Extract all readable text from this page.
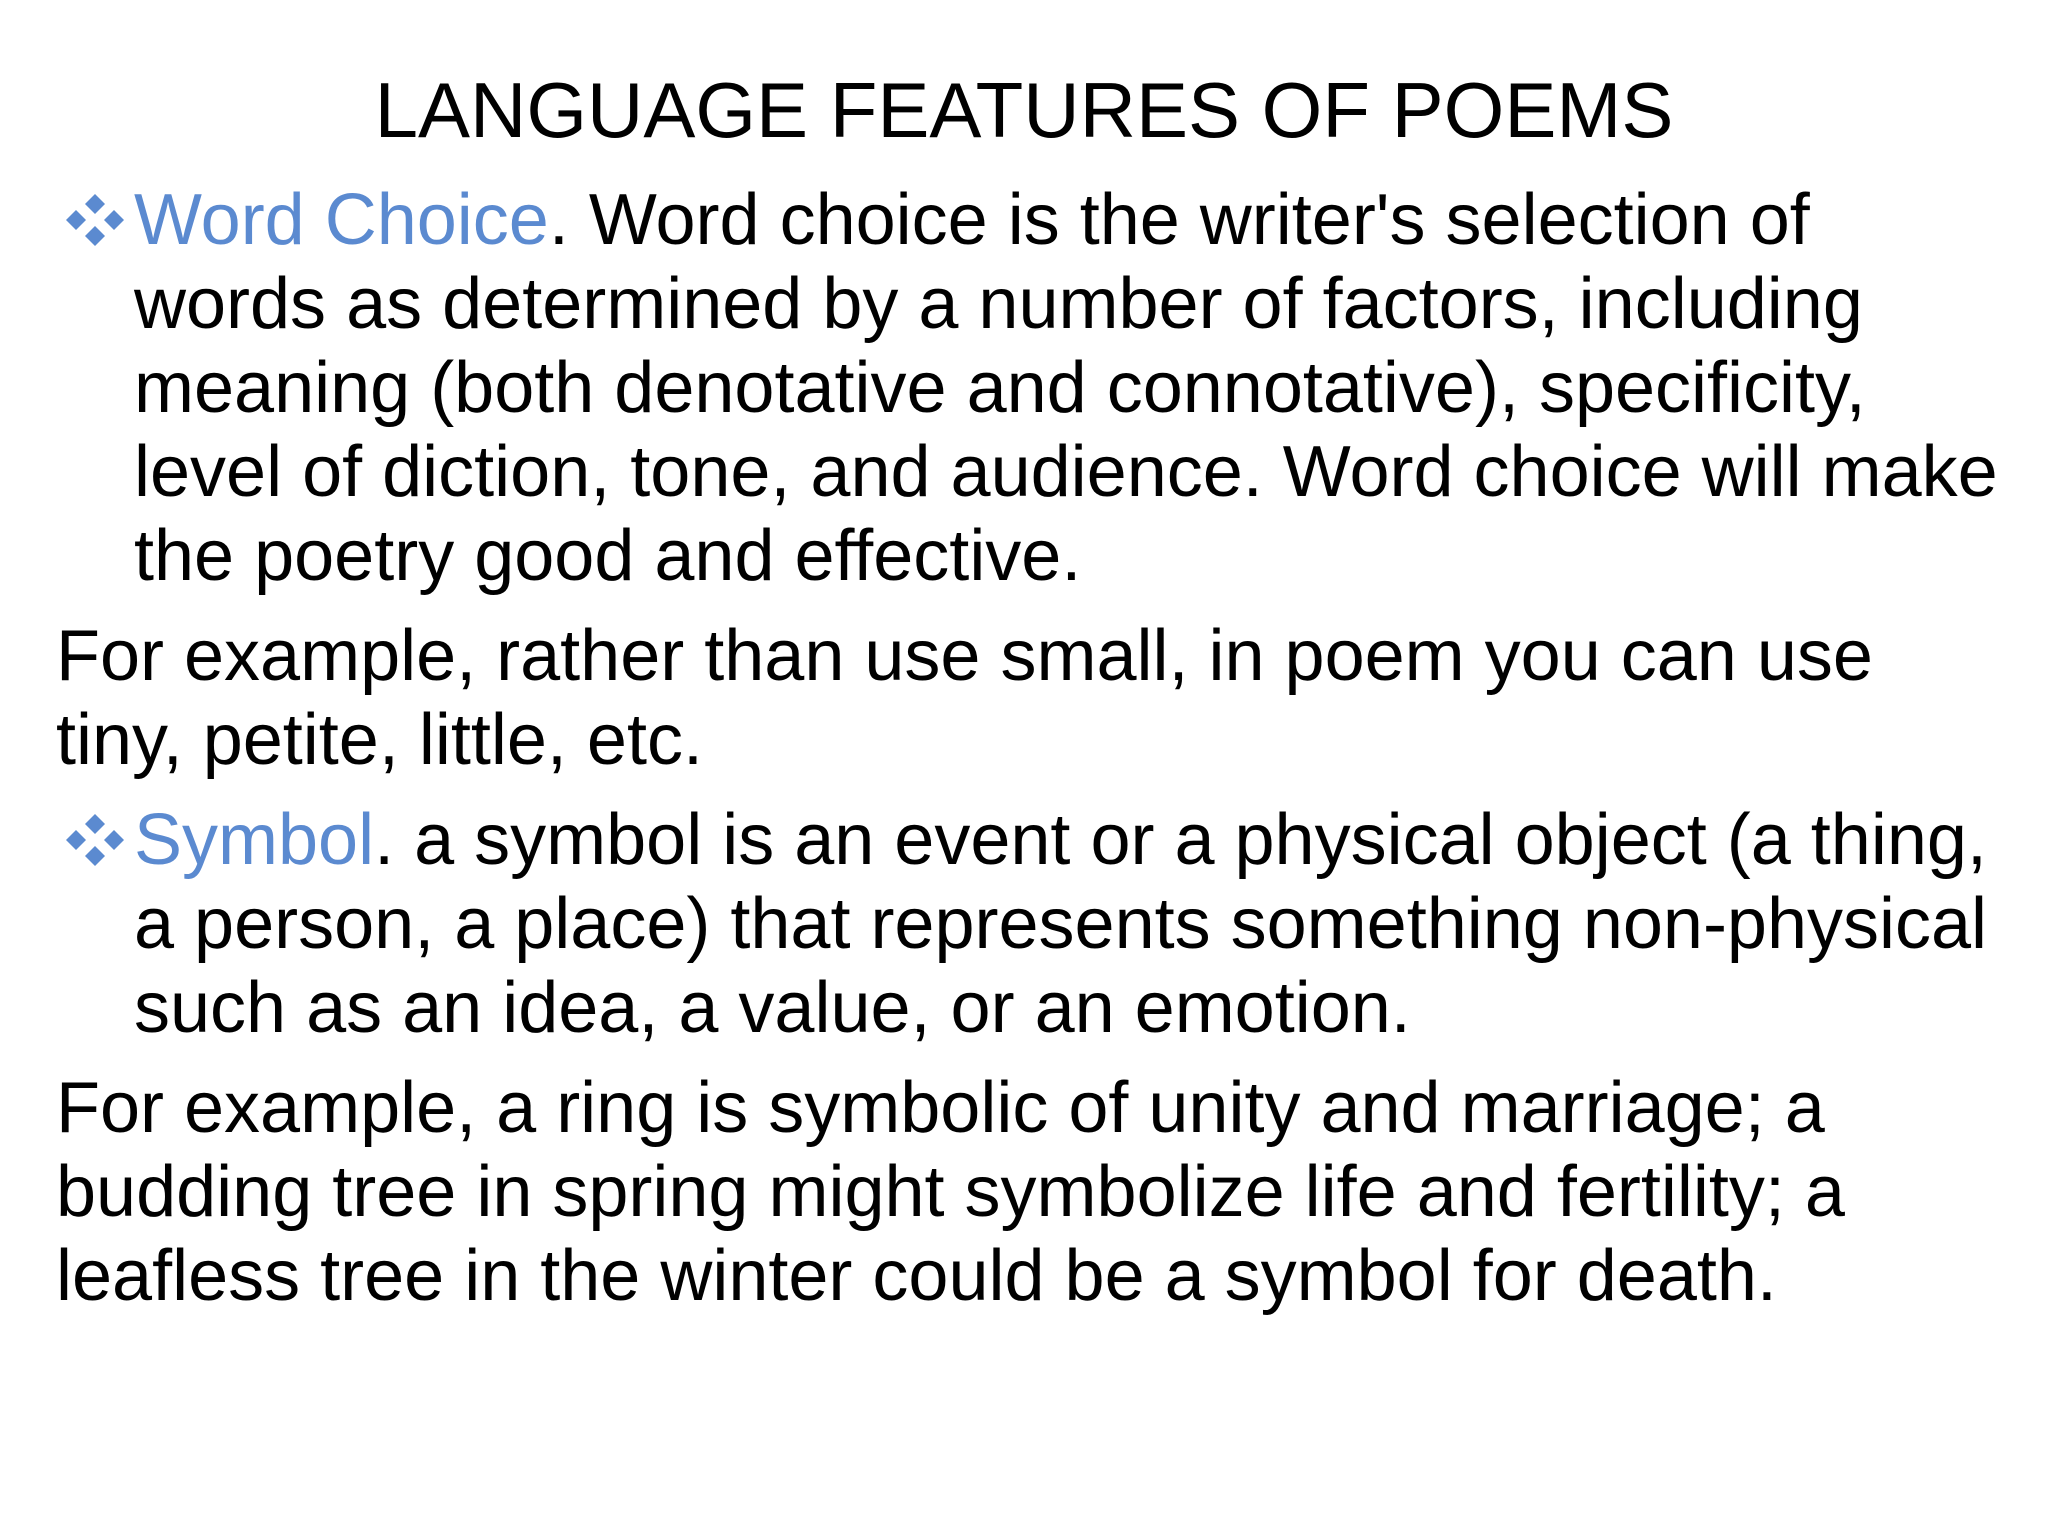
LANGUAGE FEATURES OF POEMS

Word Choice. Word choice is the writer's selection of words as determined by a number of factors, including meaning (both denotative and connotative), specificity, level of diction, tone, and audience. Word choice will make the poetry good and effective.

For example, rather than use small, in poem you can use tiny, petite, little, etc.

Symbol. a symbol is an event or a physical object (a thing, a person, a place) that represents something non-physical such as an idea, a value, or an emotion.

For example, a ring is symbolic of unity and marriage; a budding tree in spring might symbolize life and fertility; a leafless tree in the winter could be a symbol for death.
